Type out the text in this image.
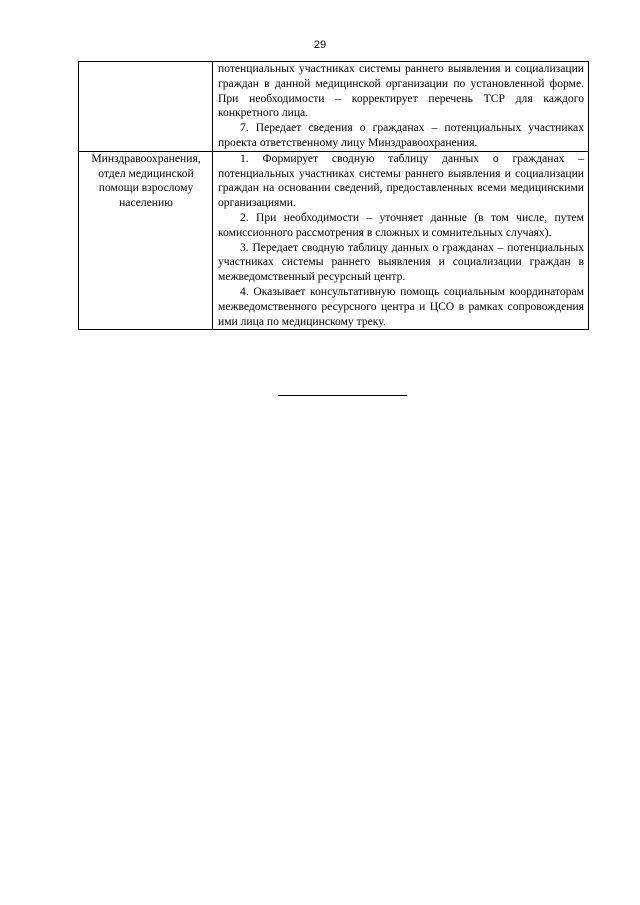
29

	потенциальных участниках системы раннего выявления и социализации граждан в данной медицинской организации по установленной форме. При необходимости – корректирует перечень ТСР для каждого конкретного лица.

7. Передает сведения о гражданах – потенциальных участниках проекта ответственному лицу Минздравоохранения.

Минздравоохранения, отдел медицинской помощи взрослому населению	1. Формирует сводную таблицу данных о гражданах – потенциальных участниках системы раннего выявления и социализации граждан на основании сведений, предоставленных всеми медицинскими организациями.

2. При необходимости – уточняет данные (в том числе, путем комиссионного рассмотрения в сложных и сомнительных случаях).

3. Передает сводную таблицу данных о гражданах – потенциальных участниках системы раннего выявления и социализации граждан в межведомственный ресурсный центр.

4. Оказывает консультативную помощь социальным координаторам межведомственного ресурсного центра и ЦСО в рамках сопровождения ими лица по медицинскому треку.
